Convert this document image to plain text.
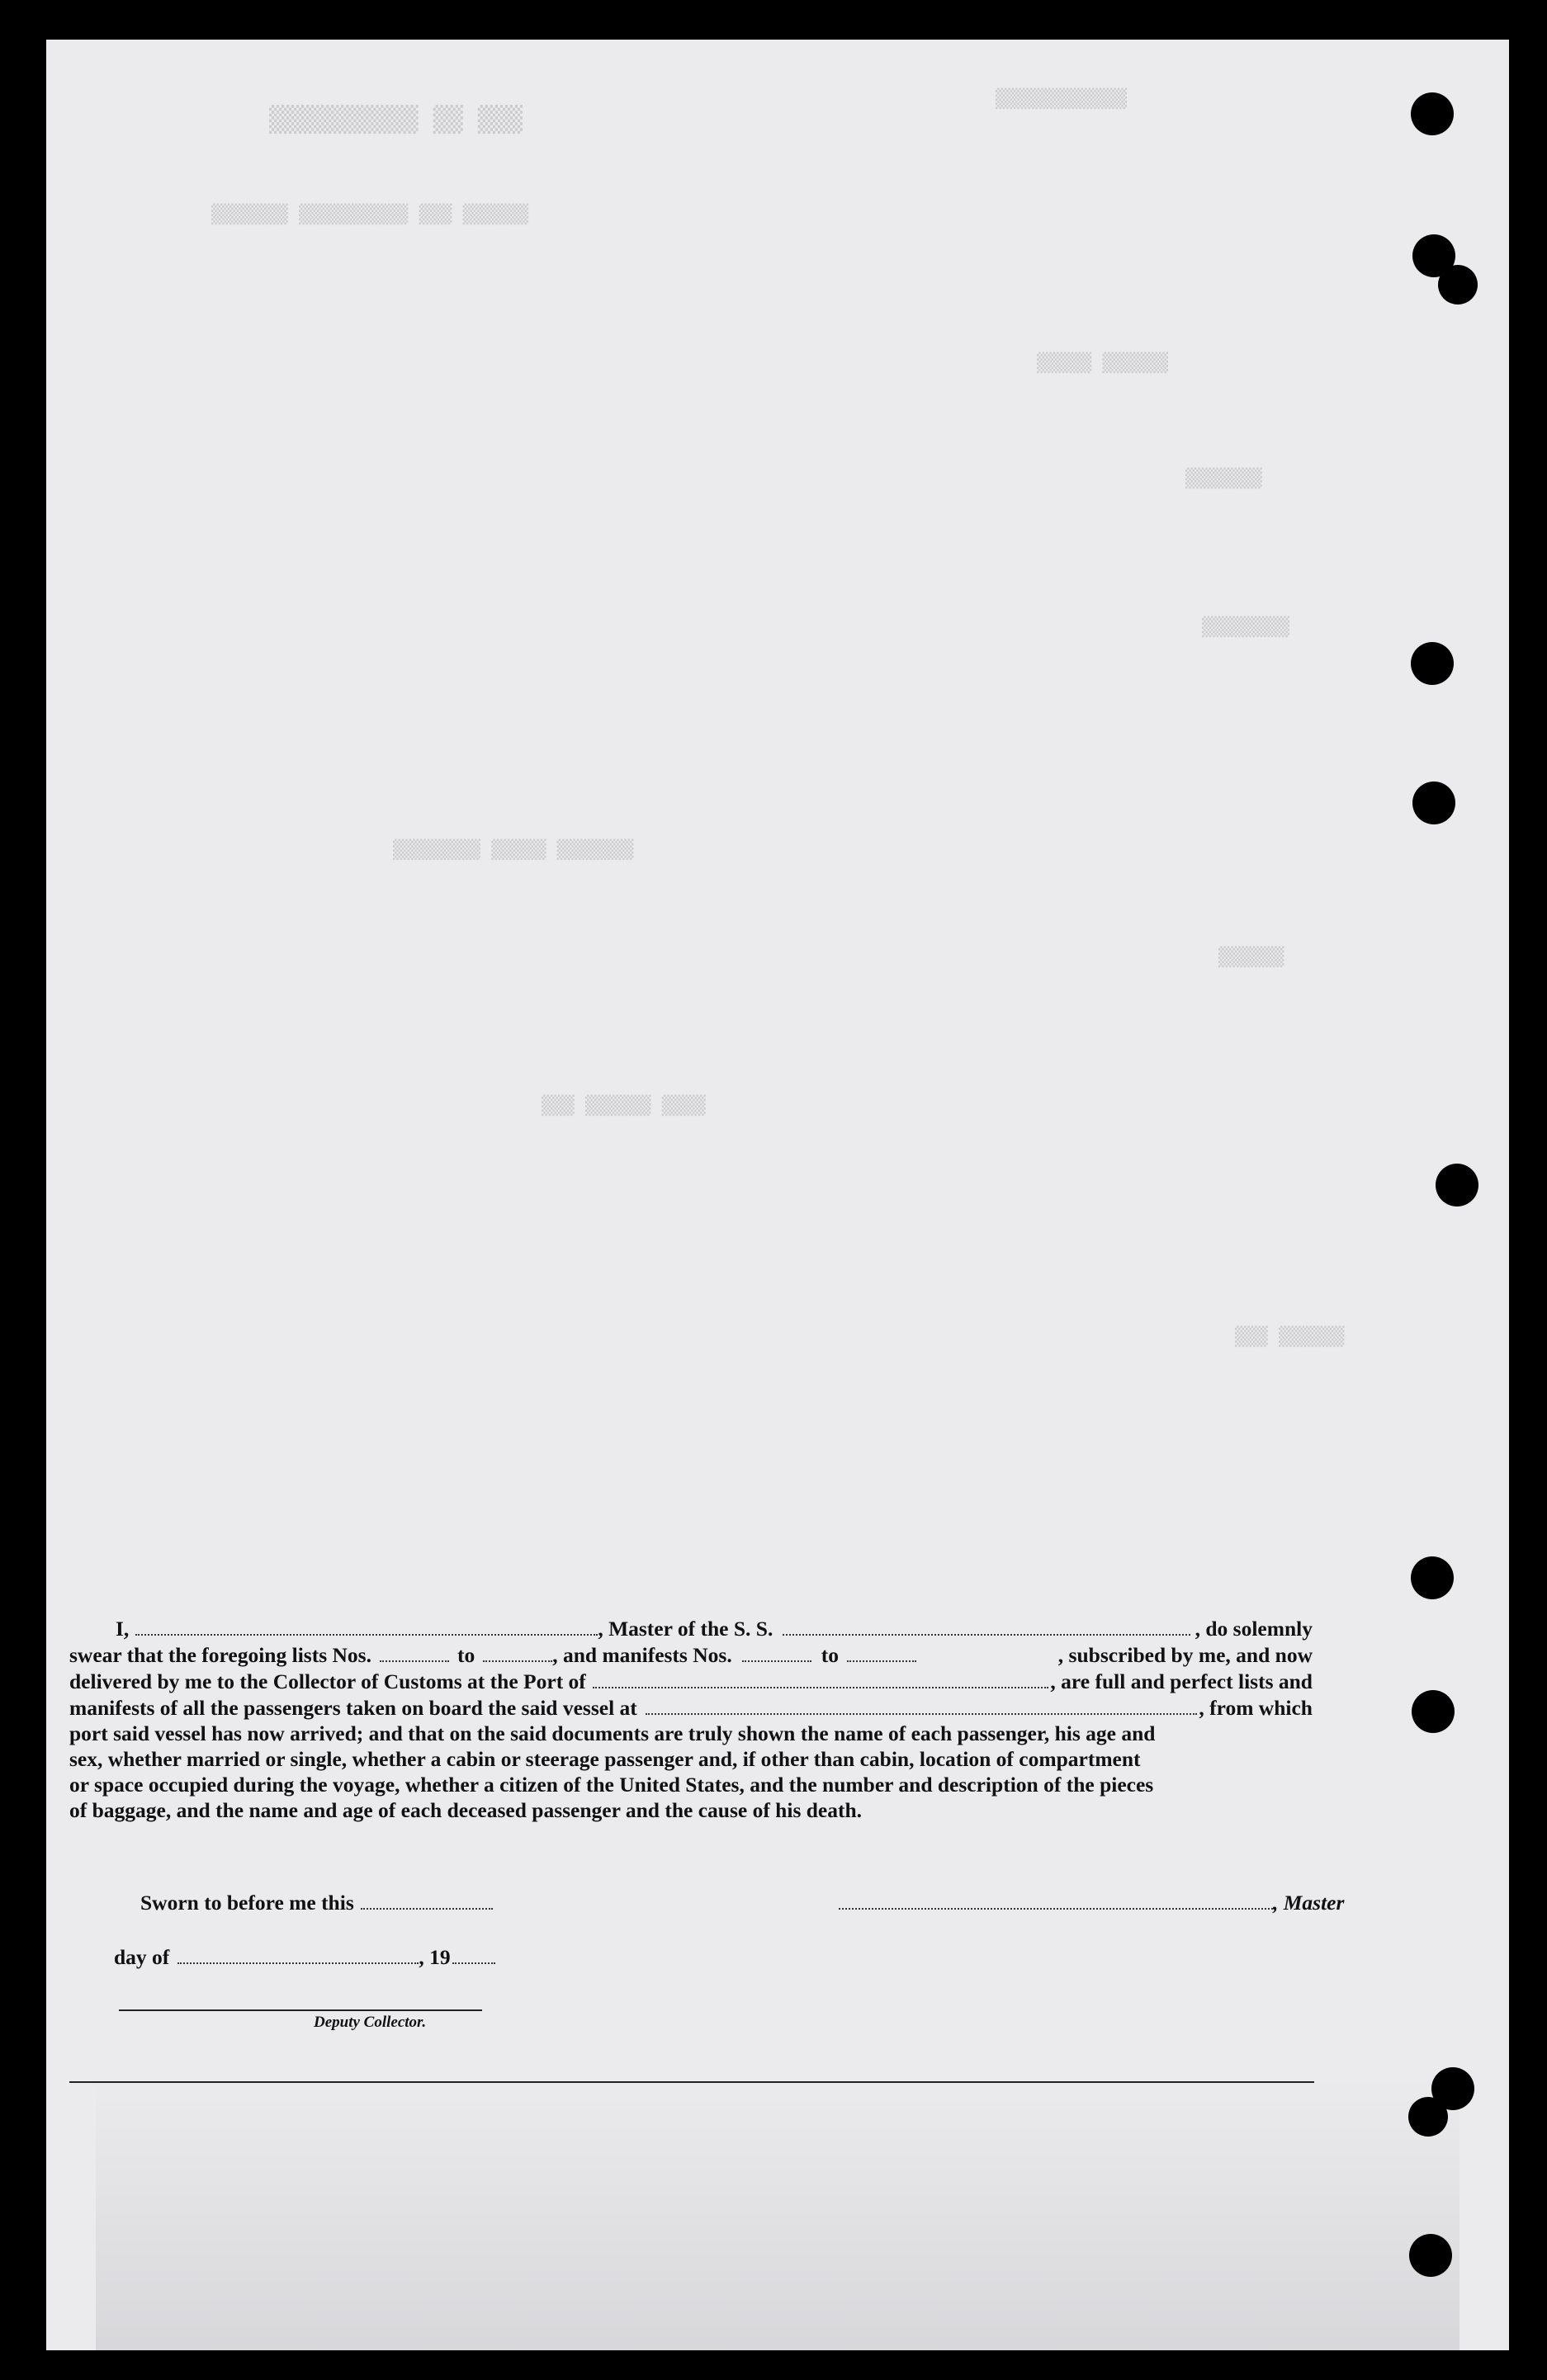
▒▒▒ ▒▒ ▒▒▒▒▒▒▒▒▒▒
▒▒▒▒▒▒▒▒▒▒▒▒
▒▒▒▒▒▒ ▒▒▒ ▒▒▒▒▒▒▒▒▒▒ ▒▒▒▒▒▒▒
▒▒▒▒▒▒ ▒▒▒▒▒
▒▒▒▒▒▒▒
▒▒▒▒▒▒▒▒
▒▒▒▒▒▒▒ ▒▒▒▒▒ ▒▒▒▒▒▒▒▒
▒▒▒▒▒▒
▒▒▒▒ ▒▒▒▒▒▒ ▒▒▒
▒▒▒▒▒▒ ▒▒▒
I,	, Master of the S. S.	, do solemnly
swear that the foregoing lists Nos.	to	, and manifests Nos.	to	, subscribed by me, and now
delivered by me to the Collector of Customs at the Port of	, are full and perfect lists and
manifests of all the passengers taken on board the said vessel at	, from which
port said vessel has now arrived; and that on the said documents are truly shown the name of each passenger, his age and
sex, whether married or single, whether a cabin or steerage passenger and, if other than cabin, location of compartment
or space occupied during the voyage, whether a citizen of the United States, and the number and description of the pieces
of baggage, and the name and age of each deceased passenger and the cause of his death.
Sworn to before me this	, Master
day of	, 19
Deputy Collector.
